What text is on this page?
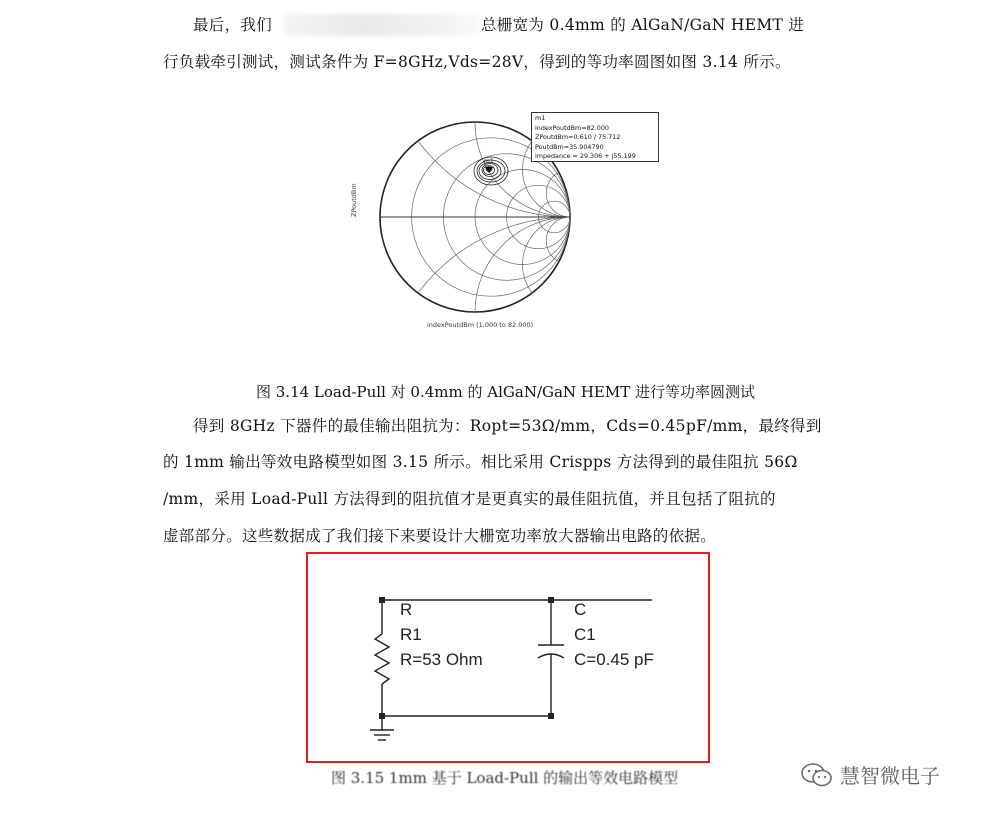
最后，我们	总栅宽为 0.4mm 的 AlGaN/GaN HEMT 进
行负载牵引测试，测试条件为 F=8GHz,Vds=28V，得到的等功率圆图如图 3.14 所示。
m1
m1
indexPoutdBm=82.000
ZPoutdBm=0.610 / 75.712
PoutdBm=35.904790
impedance = 29.306 + j55.199
ZPoutdBm
indexPoutdBm (1.000 to 82.000)
图 3.14 Load-Pull 对 0.4mm 的 AlGaN/GaN HEMT 进行等功率圆测试
得到 8GHz 下器件的最佳输出阻抗为：Ropt=53Ω/mm，Cds=0.45pF/mm，最终得到
的 1mm 输出等效电路模型如图 3.15 所示。相比采用 Crispps 方法得到的最佳阻抗 56Ω
/mm，采用 Load-Pull 方法得到的阻抗值才是更真实的最佳阻抗值，并且包括了阻抗的
虚部部分。这些数据成了我们接下来要设计大栅宽功率放大器输出电路的依据。
R
R1
R=53 Ohm
C
C1
C=0.45 pF
图 3.15 1mm 基于 Load-Pull 的输出等效电路模型	慧智微电子
